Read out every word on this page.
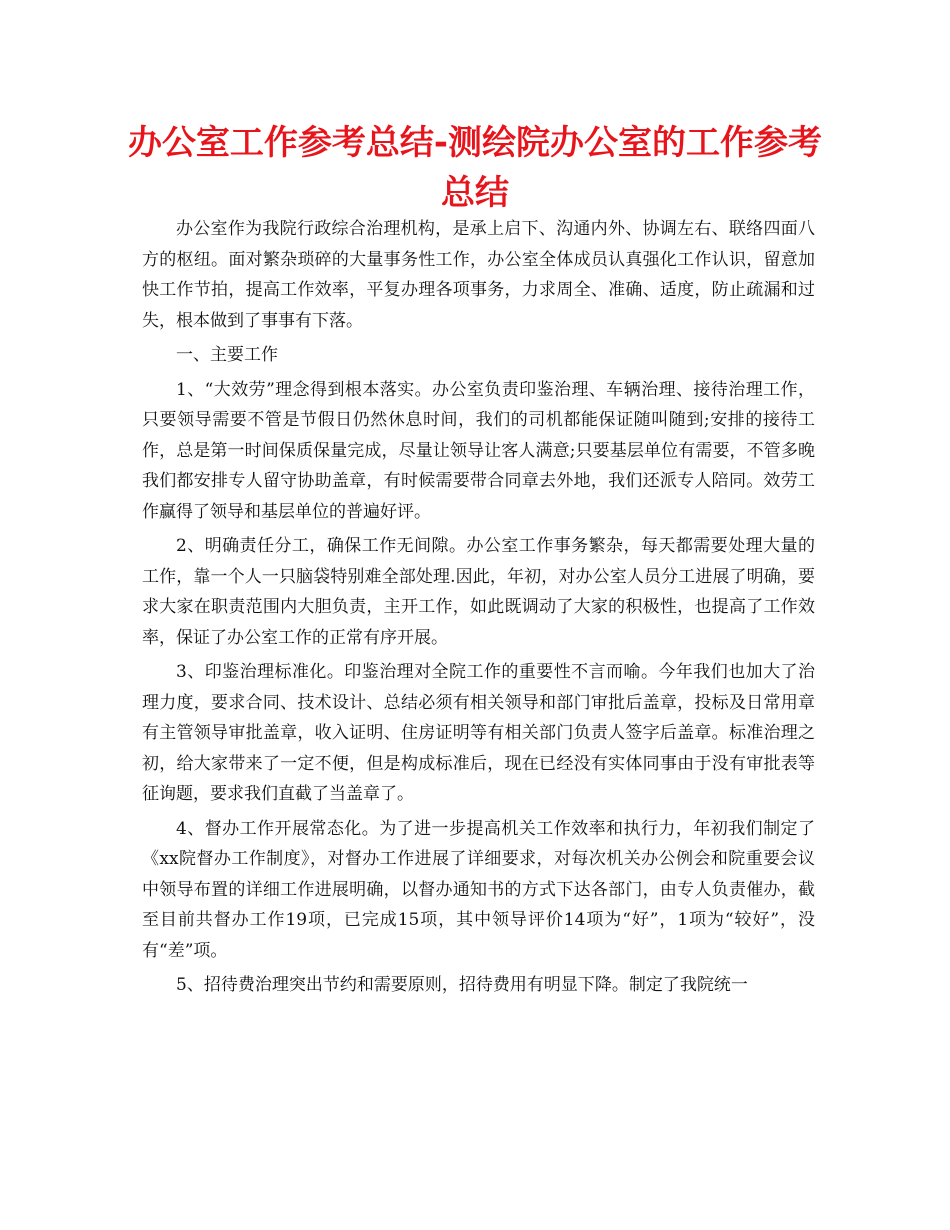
办公室工作参考总结-测绘院办公室的工作参考总结

办公室作为我院行政综合治理机构，是承上启下、沟通内外、协调左右、联络四面八方的枢纽。面对繁杂琐碎的大量事务性工作，办公室全体成员认真强化工作认识，留意加快工作节拍，提高工作效率，平复办理各项事务，力求周全、准确、适度，防止疏漏和过失，根本做到了事事有下落。

一、主要工作

1、“大效劳”理念得到根本落实。办公室负责印鉴治理、车辆治理、接待治理工作，只要领导需要不管是节假日仍然休息时间，我们的司机都能保证随叫随到;安排的接待工作，总是第一时间保质保量完成，尽量让领导让客人满意;只要基层单位有需要，不管多晚我们都安排专人留守协助盖章，有时候需要带合同章去外地，我们还派专人陪同。效劳工作赢得了领导和基层单位的普遍好评。

2、明确责任分工，确保工作无间隙。办公室工作事务繁杂，每天都需要处理大量的工作，靠一个人一只脑袋特别难全部处理.因此，年初，对办公室人员分工进展了明确，要求大家在职责范围内大胆负责，主开工作，如此既调动了大家的积极性，也提高了工作效率，保证了办公室工作的正常有序开展。

3、印鉴治理标准化。印鉴治理对全院工作的重要性不言而喻。今年我们也加大了治理力度，要求合同、技术设计、总结必须有相关领导和部门审批后盖章，投标及日常用章有主管领导审批盖章，收入证明、住房证明等有相关部门负责人签字后盖章。标准治理之初，给大家带来了一定不便，但是构成标准后，现在已经没有实体同事由于没有审批表等征询题，要求我们直截了当盖章了。

4、督办工作开展常态化。为了进一步提高机关工作效率和执行力，年初我们制定了《xx院督办工作制度》，对督办工作进展了详细要求，对每次机关办公例会和院重要会议中领导布置的详细工作进展明确，以督办通知书的方式下达各部门，由专人负责催办，截至目前共督办工作19项，已完成15项，其中领导评价14项为“好”，1项为“较好”，没有“差”项。

5、招待费治理突出节约和需要原则，招待费用有明显下降。制定了我院统一
